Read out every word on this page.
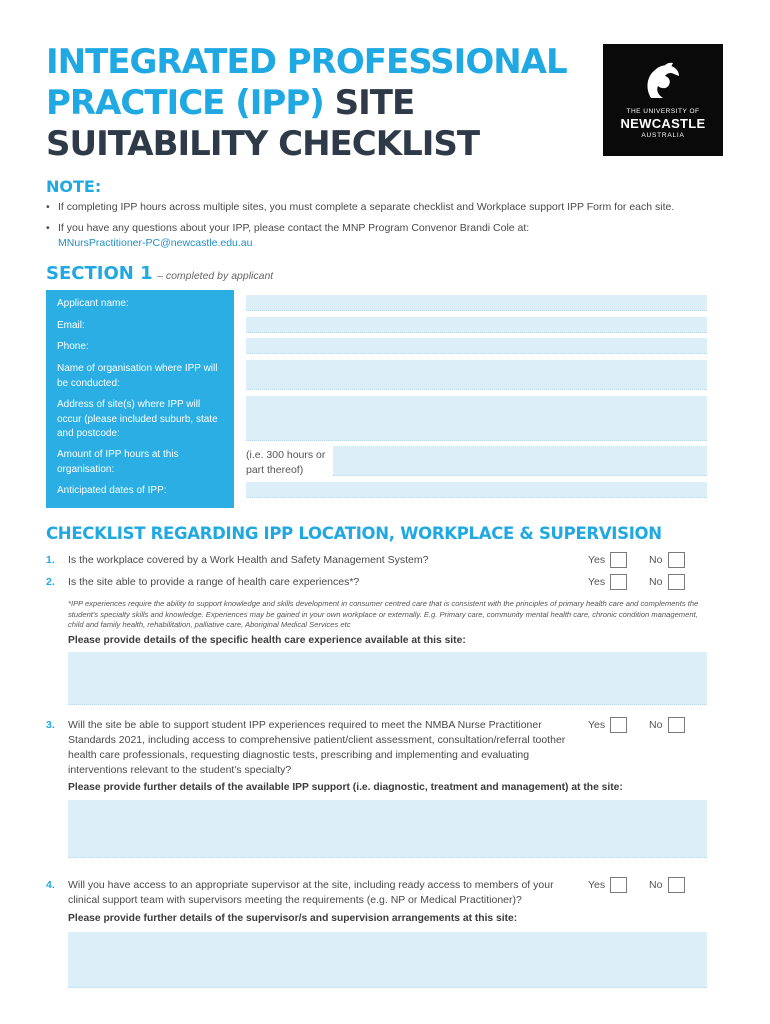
INTEGRATED PROFESSIONAL
PRACTICE (IPP) SITE
SUITABILITY CHECKLIST
THE UNIVERSITY OF
NEWCASTLE
AUSTRALIA
NOTE:
• If completing IPP hours across multiple sites, you must complete a separate checklist and Workplace support IPP Form for each site.
• If you have any questions about your IPP, please contact the MNP Program Convenor Brandi Cole at:
MNursPractitioner-PC@newcastle.edu.au
SECTION 1 – completed by applicant
Applicant name:
Email:
Phone:
Name of organisation where IPP will be conducted:
Address of site(s) where IPP will occur (please included suburb, state and postcode:
Amount of IPP hours at this organisation:
Anticipated dates of IPP:
(i.e. 300 hours or part thereof)
CHECKLIST REGARDING IPP LOCATION, WORKPLACE & SUPERVISION
1. Is the workplace covered by a Work Health and Safety Management System?	Yes	No
2. Is the site able to provide a range of health care experiences*?	Yes	No
*IPP experiences require the ability to support knowledge and skills development in consumer centred care that is consistent with the principles of primary health care and complements the student's specialty skills and knowledge. Experiences may be gained in your own workplace or externally. E.g. Primary care, community mental health care, chronic condition management, child and family health, rehabilitation, palliative care, Aboriginal Medical Services etc
Please provide details of the specific health care experience available at this site:
3. Will the site be able to support student IPP experiences required to meet the NMBA Nurse Practitioner Standards 2021, including access to comprehensive patient/client assessment, consultation/referral toother health care professionals, requesting diagnostic tests, prescribing and implementing and evaluating interventions relevant to the student's specialty?
Yes	No
Please provide further details of the available IPP support (i.e. diagnostic, treatment and management) at the site:
4. Will you have access to an appropriate supervisor at the site, including ready access to members of your clinical support team with supervisors meeting the requirements (e.g. NP or Medical Practitioner)?
Yes	No
Please provide further details of the supervisor/s and supervision arrangements at this site:
